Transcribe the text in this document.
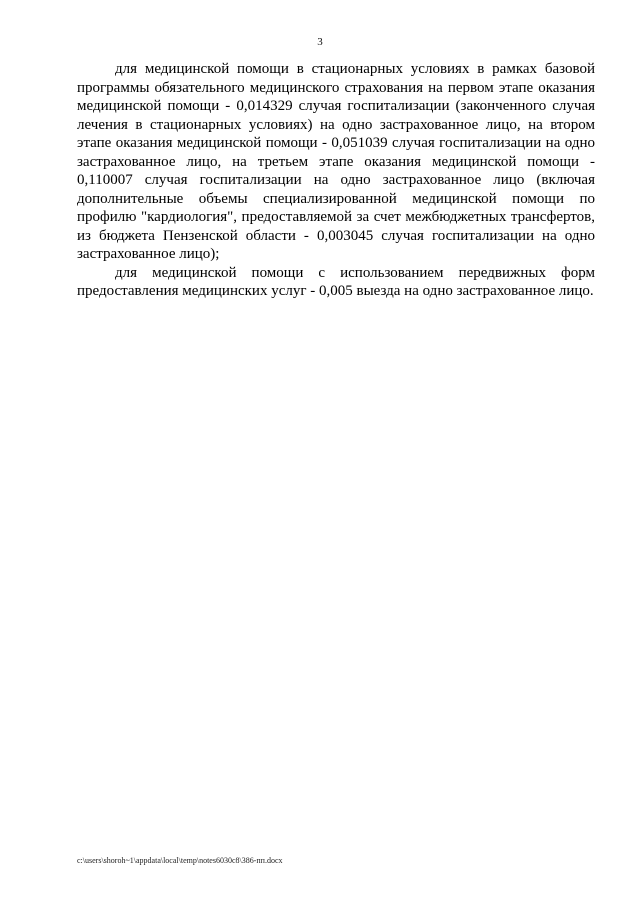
3

для медицинской помощи в стационарных условиях в рамках базовой программы обязательного медицинского страхования на первом этапе оказания медицинской помощи - 0,014329 случая госпитализации (законченного случая лечения в стационарных условиях) на одно застрахованное лицо, на втором этапе оказания медицинской помощи - 0,051039 случая госпитализации на одно застрахованное лицо, на третьем этапе оказания медицинской помощи - 0,110007 случая госпитализации на одно застрахованное лицо (включая дополнительные объемы специализированной медицинской помощи по профилю "кардиология", предоставляемой за счет межбюджетных трансфертов, из бюджета Пензенской области - 0,003045 случая госпитализации на одно застрахованное лицо);

для медицинской помощи с использованием передвижных форм предоставления медицинских услуг - 0,005 выезда на одно застрахованное лицо.

c:\users\shoroh~1\appdata\local\temp\notes6030c8\386-пп.docx
